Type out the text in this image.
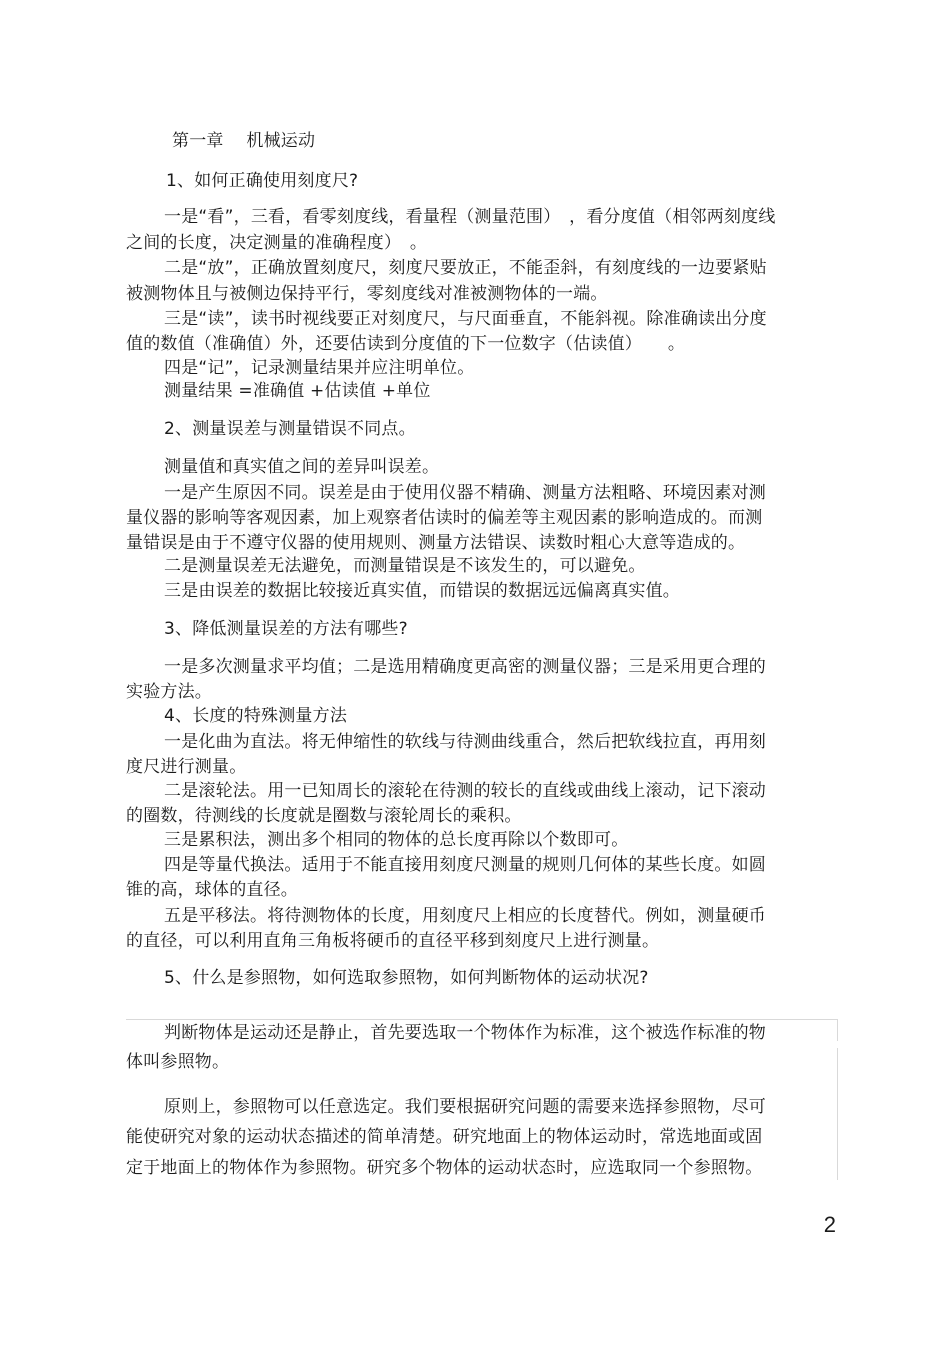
第一章　 机械运动
1、如何正确使用刻度尺?
一是“看”，三看，看零刻度线，看量程（测量范围）　，看分度值（相邻两刻度线
之间的长度，决定测量的准确程度）　。
二是“放”，正确放置刻度尺，刻度尺要放正，不能歪斜，有刻度线的一边要紧贴
被测物体且与被侧边保持平行，零刻度线对准被测物体的一端。
三是“读”，读书时视线要正对刻度尺，与尺面垂直，不能斜视。除准确读出分度
值的数值（准确值）外，还要估读到分度值的下一位数字（估读值）　　。
四是“记”，记录测量结果并应注明单位。
测量结果 =准确值 +估读值 +单位
2、测量误差与测量错误不同点。
测量值和真实值之间的差异叫误差。
一是产生原因不同。误差是由于使用仪器不精确、测量方法粗略、环境因素对测
量仪器的影响等客观因素，加上观察者估读时的偏差等主观因素的影响造成的。而测
量错误是由于不遵守仪器的使用规则、测量方法错误、读数时粗心大意等造成的。
二是测量误差无法避免，而测量错误是不该发生的，可以避免。
三是由误差的数据比较接近真实值，而错误的数据远远偏离真实值。
3、降低测量误差的方法有哪些?
一是多次测量求平均值；二是选用精确度更高密的测量仪器；三是采用更合理的
实验方法。
4、长度的特殊测量方法
一是化曲为直法。将无伸缩性的软线与待测曲线重合，然后把软线拉直，再用刻
度尺进行测量。
二是滚轮法。用一已知周长的滚轮在待测的较长的直线或曲线上滚动，记下滚动
的圈数，待测线的长度就是圈数与滚轮周长的乘积。
三是累积法，测出多个相同的物体的总长度再除以个数即可。
四是等量代换法。适用于不能直接用刻度尺测量的规则几何体的某些长度。如圆
锥的高，球体的直径。
五是平移法。将待测物体的长度，用刻度尺上相应的长度替代。例如，测量硬币
的直径，可以利用直角三角板将硬币的直径平移到刻度尺上进行测量。
5、什么是参照物，如何选取参照物，如何判断物体的运动状况?
判断物体是运动还是静止，首先要选取一个物体作为标准，这个被选作标准的物
体叫参照物。
原则上，参照物可以任意选定。我们要根据研究问题的需要来选择参照物，尽可
能使研究对象的运动状态描述的简单清楚。研究地面上的物体运动时，常选地面或固
定于地面上的物体作为参照物。研究多个物体的运动状态时，应选取同一个参照物。
2
